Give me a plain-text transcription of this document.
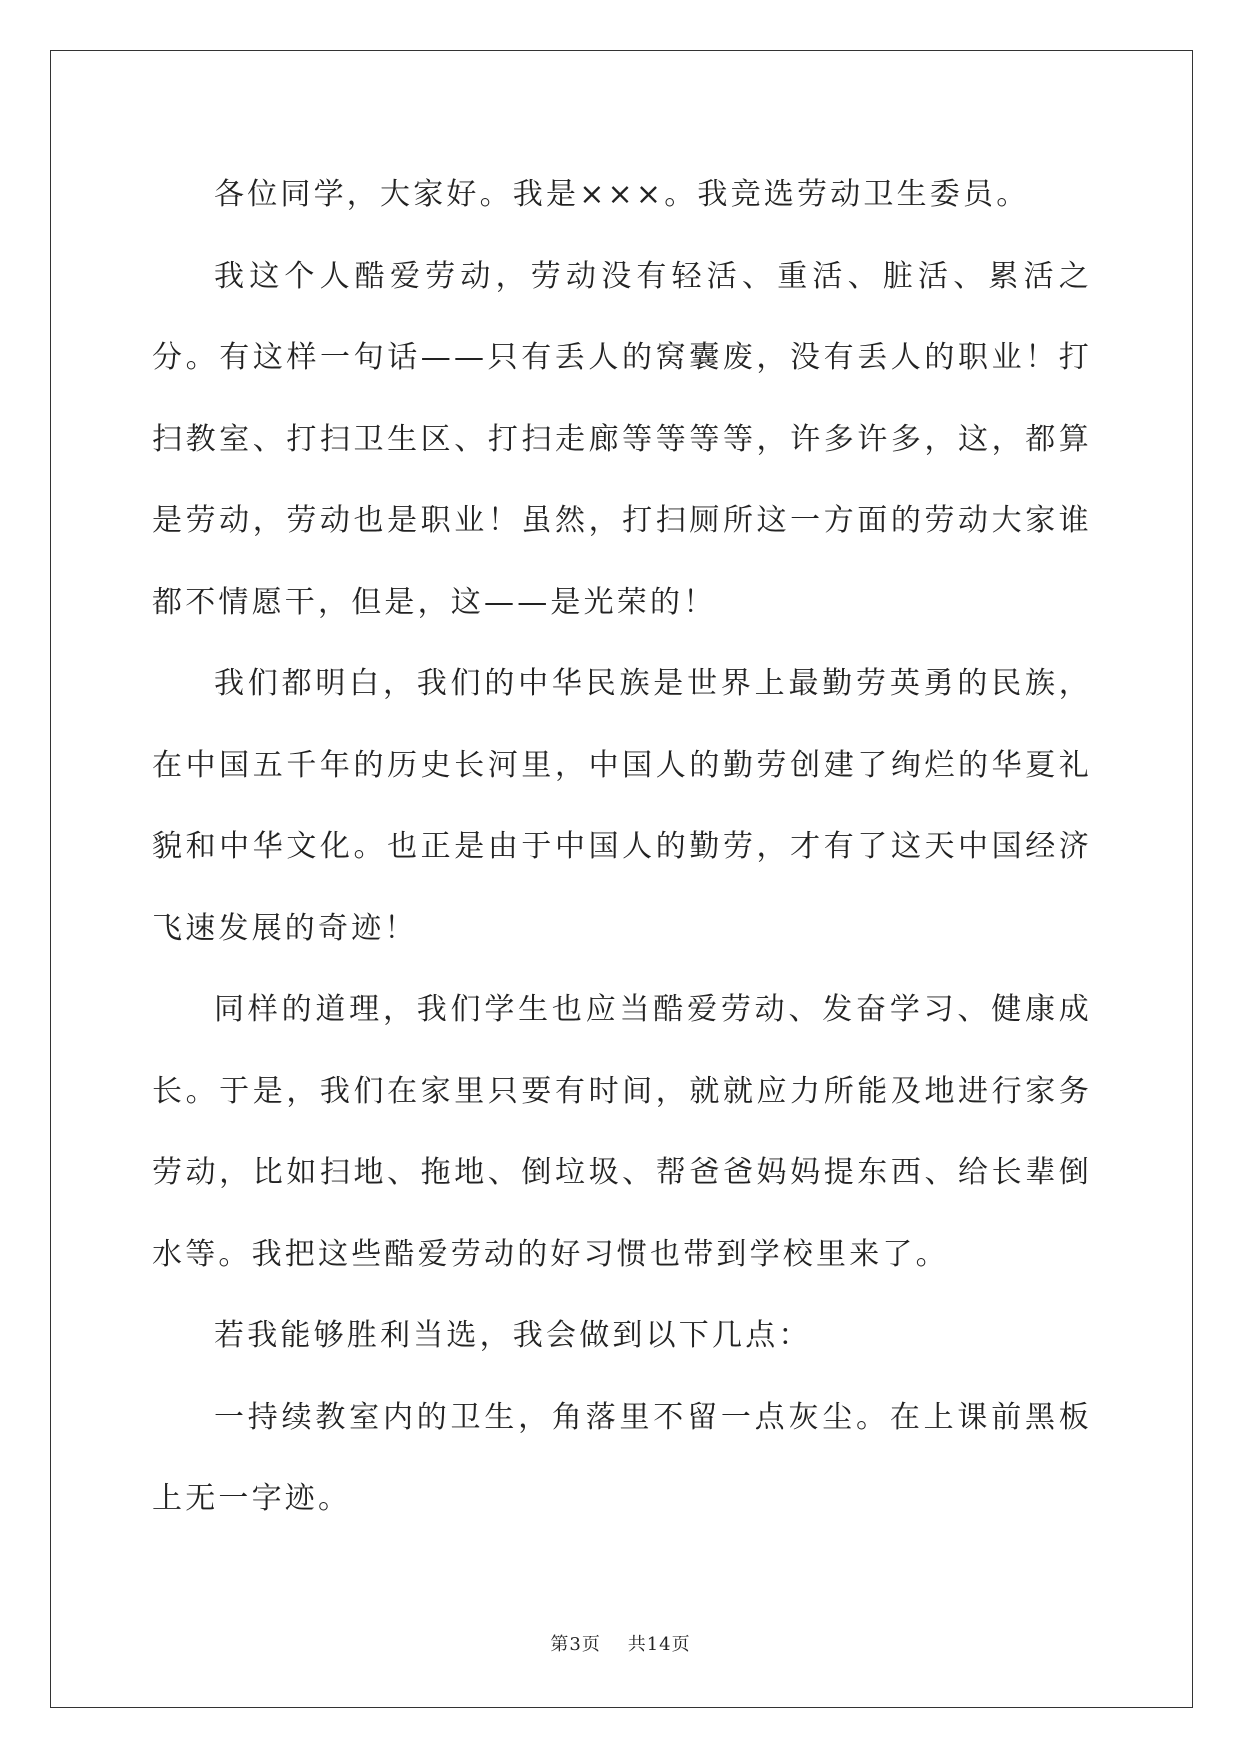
各位同学，大家好。我是×××。我竞选劳动卫生委员。

我这个人酷爱劳动，劳动没有轻活、重活、脏活、累活之分。有这样一句话——只有丢人的窝囊废，没有丢人的职业！打扫教室、打扫卫生区、打扫走廊等等等等，许多许多，这，都算是劳动，劳动也是职业！虽然，打扫厕所这一方面的劳动大家谁都不情愿干，但是，这——是光荣的！

我们都明白，我们的中华民族是世界上最勤劳英勇的民族，在中国五千年的历史长河里，中国人的勤劳创建了绚烂的华夏礼貌和中华文化。也正是由于中国人的勤劳，才有了这天中国经济飞速发展的奇迹！

同样的道理，我们学生也应当酷爱劳动、发奋学习、健康成长。于是，我们在家里只要有时间，就就应力所能及地进行家务劳动，比如扫地、拖地、倒垃圾、帮爸爸妈妈提东西、给长辈倒水等。我把这些酷爱劳动的好习惯也带到学校里来了。

若我能够胜利当选，我会做到以下几点：

一持续教室内的卫生，角落里不留一点灰尘。在上课前黑板上无一字迹。

第3页 共14页
